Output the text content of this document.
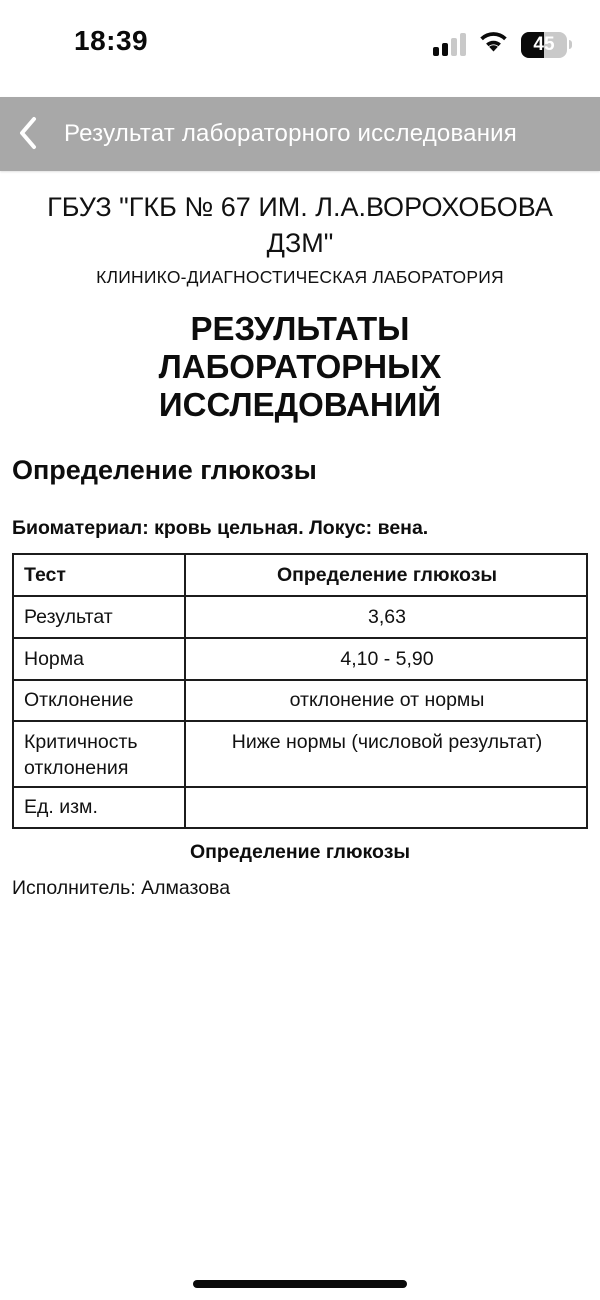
18:39	45
Результат лабораторного исследования
ГБУЗ "ГКБ № 67 ИМ. Л.А.ВОРОХОБОВА ДЗМ"
КЛИНИКО-ДИАГНОСТИЧЕСКАЯ ЛАБОРАТОРИЯ
РЕЗУЛЬТАТЫ ЛАБОРАТОРНЫХ ИССЛЕДОВАНИЙ
Определение глюкозы
Биоматериал: кровь цельная. Локус: вена.
Тест	Определение глюкозы
Результат	3,63
Норма	4,10 - 5,90
Отклонение	отклонение от нормы
Критичность отклонения	Ниже нормы (числовой результат)
Ед. изм.	
Определение глюкозы
Исполнитель: Алмазова
